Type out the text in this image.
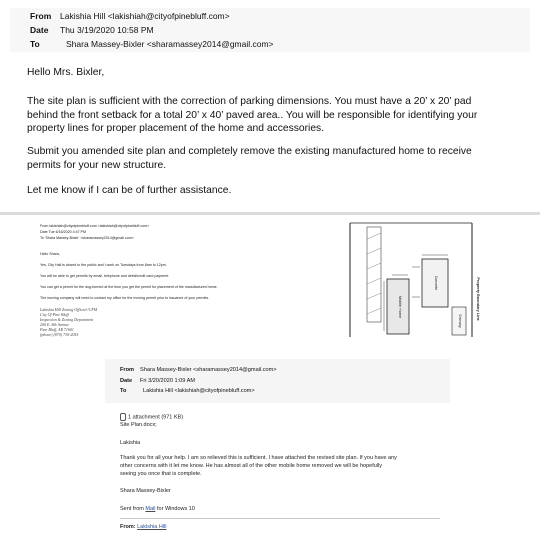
From Lakishia Hill <lakishiah@cityofpinebluff.com>
Date Thu 3/19/2020 10:58 PM
To	Shara Massey-Bixler <sharamassey2014@gmail.com>
Hello Mrs. Bixler,
The site plan is sufficient with the correction of parking dimensions. You must have a 20’ x 20’ pad
behind the front setback for a total 20’ x 40’ paved area.. You will be responsible for identifying your
property lines for proper placement of the home and accessories.
Submit you amended site plan and completely remove the existing manufactured home to receive
permits for your new structure.
Let me know if I can be of further assistance.
From lakishiah@cityofpinebluff.com <lakishiah@cityofpinebluff.com>
Date Tue 6/16/2020 4:47 PM
To 'Shara Massey-Bixler' <sharamassey2014@gmail.com>
Hello Shara,
Yes, City Hall is closed to the public and I work on Tuesdays from 8am to 12pm.
You will be able to get permits by email, telephone and debit/credit card payment.
You can get a permit for the dog-formed at the time you get the permit for placement of the manufactured home.
The moving company will need to contact my office for the moving permit prior to issuance of your permits.
Lakishia Hill Zoning Official /CFM
City Of Pine Bluff
Inspection & Zoning Department
200 E. 8th Avenue
Pine Bluff, AR 71601
(phone) (870) 730-2055
Mobile Home
Concrete
Driveway
Property Boundary Line
From Shara Massey-Bixler <sharamassey2014@gmail.com>
Date Fri 3/20/2020 1:09 AM
To	Lakishia Hill <lakishiah@cityofpinebluff.com>
1 attachment (971 KB)
Site Plan.docx;
Lakishia
Thank you for all your help. I am so relieved this is sufficient. I have attached the revised site plan. If you have any
other concerns with it let me know. He has almost all of the other mobile home removed we will be hopefully
seeing you once that is complete.
Shara Massey-Bixler
Sent from Mail for Windows 10
From: Lakishia Hill
